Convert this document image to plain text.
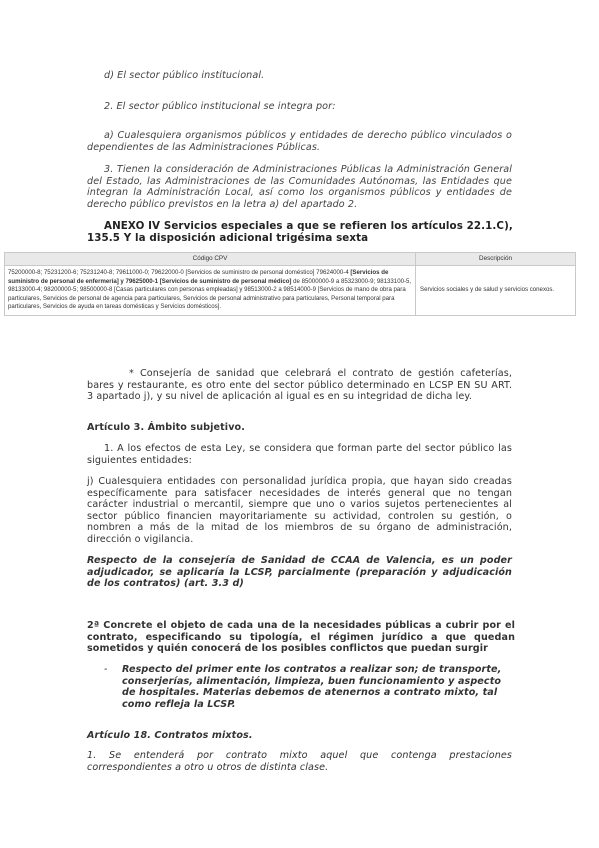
d) El sector público institucional.

2. El sector público institucional se integra por:

a) Cualesquiera organismos públicos y entidades de derecho público vinculados o dependientes de las Administraciones Públicas.

3. Tienen la consideración de Administraciones Públicas la Administración General del Estado, las Administraciones de las Comunidades Autónomas, las Entidades que integran la Administración Local, así como los organismos públicos y entidades de derecho público previstos en la letra a) del apartado 2.

ANEXO IV Servicios especiales a que se refieren los artículos 22.1.C),

135.5 Y la disposición adicional trigésima sexta

Código CPV	Descripción
75200000-8; 75231200-6; 75231240-8; 79611000-0; 79622000-0 [Servicios de suministro de personal doméstico] 79624000-4 [Servicios de suministro de personal de enfermería] y 79625000-1 [Servicios de suministro de personal médico] de 85000000-9 a 85323000-9; 98133100-5, 98133000-4; 98200000-5; 98500000-8 [Casas particulares con personas empleadas] y 98513000-2 a 98514000-9 [Servicios de mano de obra para particulares, Servicios de personal de agencia para particulares, Servicios de personal administrativo para particulares, Personal temporal para particulares, Servicios de ayuda en tareas domésticas y Servicios domésticos].	Servicios sociales y de salud y servicios conexos.

* Consejería de sanidad que celebrará el contrato de gestión cafeterías, bares y restaurante, es otro ente del sector público determinado en LCSP EN SU ART. 3 apartado j), y su nivel de aplicación al igual es en su integridad de dicha ley.

Artículo 3. Ámbito subjetivo.

1. A los efectos de esta Ley, se considera que forman parte del sector público las siguientes entidades:

j) Cualesquiera entidades con personalidad jurídica propia, que hayan sido creadas específicamente para satisfacer necesidades de interés general que no tengan carácter industrial o mercantil, siempre que uno o varios sujetos pertenecientes al sector público financien mayoritariamente su actividad, controlen su gestión, o nombren a más de la mitad de los miembros de su órgano de administración, dirección o vigilancia.

Respecto de la consejería de Sanidad de CCAA de Valencia, es un poder adjudicador, se aplicaría la LCSP, parcialmente (preparación y adjudicación de los contratos) (art. 3.3 d)

2ª Concrete el objeto de cada una de la necesidades públicas a cubrir por el contrato, especificando su tipología, el régimen jurídico a que quedan sometidos y quién conocerá de los posibles conflictos que puedan surgir

- Respecto del primer ente los contratos a realizar son; de transporte, conserjerías, alimentación, limpieza, buen funcionamiento y aspecto de hospitales. Materias debemos de atenernos a contrato mixto, tal como refleja la LCSP.

Artículo 18. Contratos mixtos.

1. Se entenderá por contrato mixto aquel que contenga prestaciones correspondientes a otro u otros de distinta clase.
